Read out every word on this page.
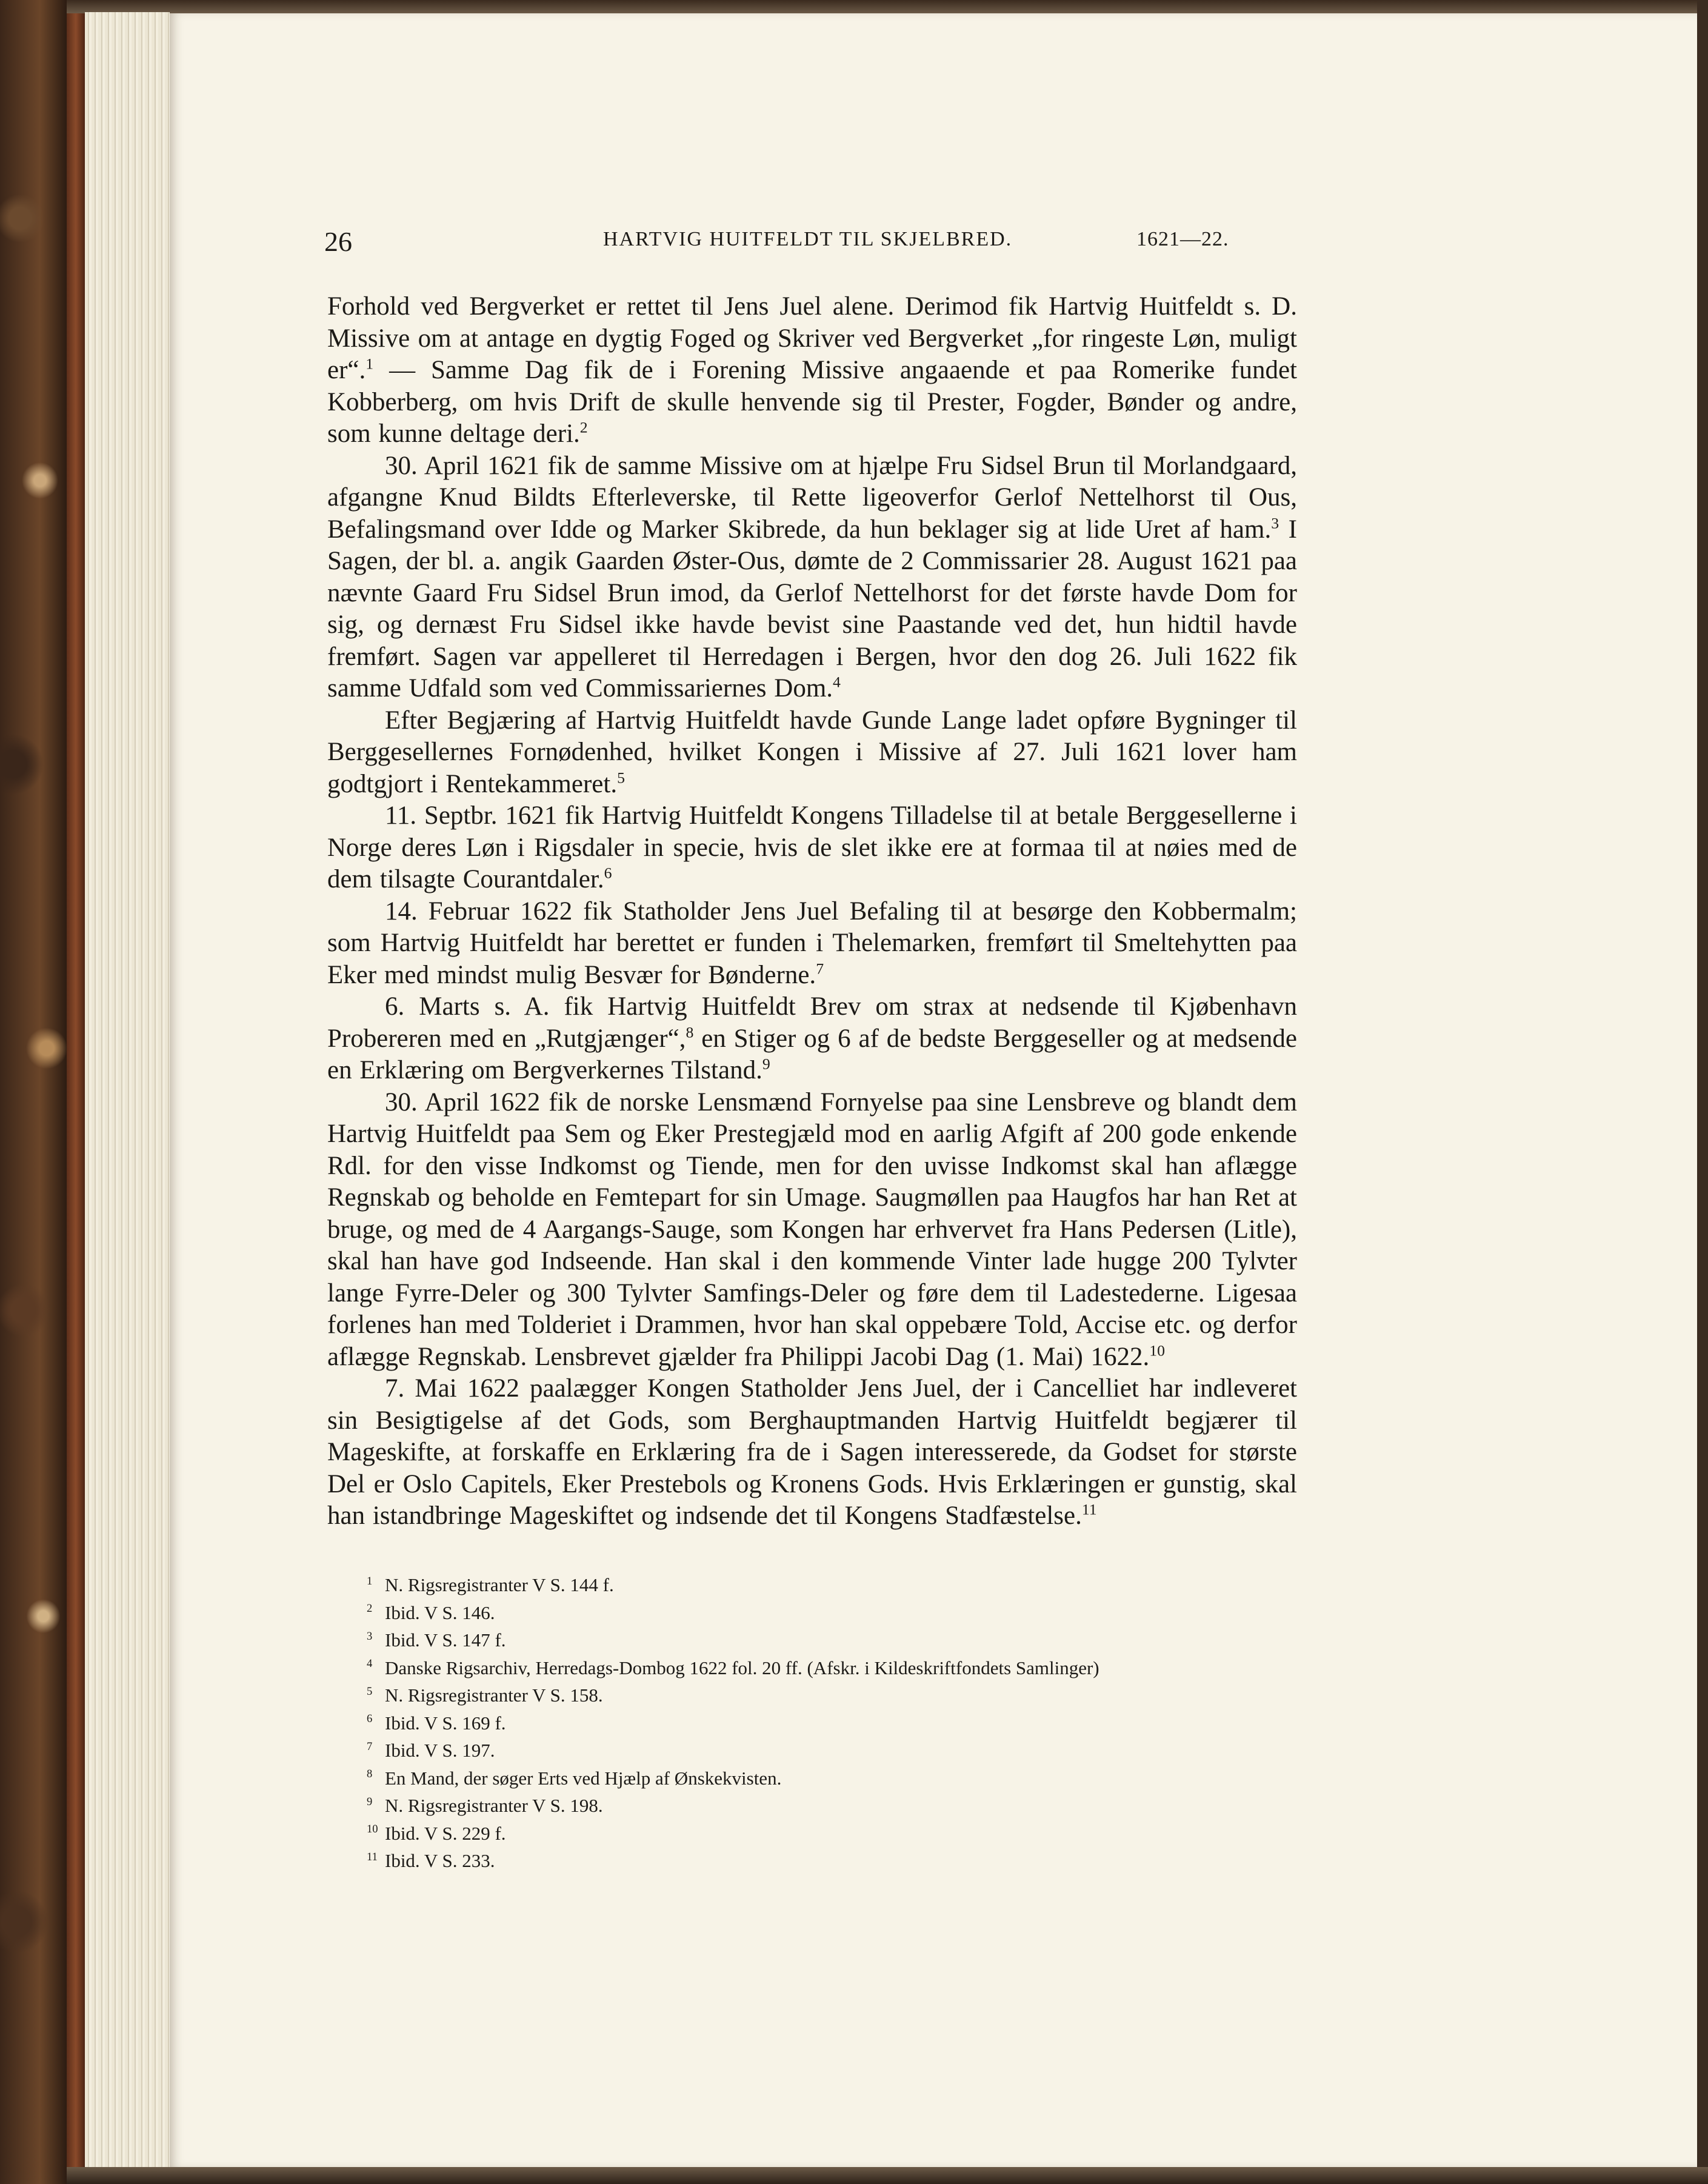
26	HARTVIG HUITFELDT TIL SKJELBRED.	1621—22.

Forhold ved Bergverket er rettet til Jens Juel alene. Derimod fik Hartvig Huitfeldt s. D. Missive om at antage en dygtig Foged og Skriver ved Bergverket „for ringeste Løn, muligt er“.$^1$ — Samme Dag fik de i Forening Missive angaaende et paa Romerike fundet Kobberberg, om hvis Drift de skulle henvende sig til Prester, Fogder, Bønder og andre, som kunne deltage deri.$^2$

30. April 1621 fik de samme Missive om at hjælpe Fru Sidsel Brun til Morlandgaard, afgangne Knud Bildts Efterleverske, til Rette ligeoverfor Gerlof Nettelhorst til Ous, Befalingsmand over Idde og Marker Skibrede, da hun beklager sig at lide Uret af ham.$^3$ I Sagen, der bl. a. angik Gaarden Øster-Ous, dømte de 2 Commissarier 28. August 1621 paa nævnte Gaard Fru Sidsel Brun imod, da Gerlof Nettelhorst for det første havde Dom for sig, og dernæst Fru Sidsel ikke havde bevist sine Paastande ved det, hun hidtil havde fremført. Sagen var appelleret til Herredagen i Bergen, hvor den dog 26. Juli 1622 fik samme Udfald som ved Commissariernes Dom.$^4$

Efter Begjæring af Hartvig Huitfeldt havde Gunde Lange ladet opføre Bygninger til Berggesellernes Fornødenhed, hvilket Kongen i Missive af 27. Juli 1621 lover ham godtgjort i Rentekammeret.$^5$

11. Septbr. 1621 fik Hartvig Huitfeldt Kongens Tilladelse til at betale Berggesellerne i Norge deres Løn i Rigsdaler in specie, hvis de slet ikke ere at formaa til at nøies med de dem tilsagte Courantdaler.$^6$

14. Februar 1622 fik Statholder Jens Juel Befaling til at besørge den Kobbermalm; som Hartvig Huitfeldt har berettet er funden i Thelemarken, fremført til Smeltehytten paa Eker med mindst mulig Besvær for Bønderne.$^7$

6. Marts s. A. fik Hartvig Huitfeldt Brev om strax at nedsende til Kjøbenhavn Probereren med en „Rutgjænger“,$^8$ en Stiger og 6 af de bedste Berggeseller og at medsende en Erklæring om Bergverkernes Tilstand.$^9$

30. April 1622 fik de norske Lensmænd Fornyelse paa sine Lensbreve og blandt dem Hartvig Huitfeldt paa Sem og Eker Prestegjæld mod en aarlig Afgift af 200 gode enkende Rdl. for den visse Indkomst og Tiende, men for den uvisse Indkomst skal han aflægge Regnskab og beholde en Femtepart for sin Umage. Saugmøllen paa Haugfos har han Ret at bruge, og med de 4 Aargangs-Sauge, som Kongen har erhvervet fra Hans Pedersen (Litle), skal han have god Indseende. Han skal i den kommende Vinter lade hugge 200 Tylvter lange Fyrre-Deler og 300 Tylvter Samfings-Deler og føre dem til Ladestederne. Ligesaa forlenes han med Tolderiet i Drammen, hvor han skal oppebære Told, Accise etc. og derfor aflægge Regnskab. Lensbrevet gjælder fra Philippi Jacobi Dag (1. Mai) 1622.10

7. Mai 1622 paalægger Kongen Statholder Jens Juel, der i Cancelliet har indleveret sin Besigtigelse af det Gods, som Berghauptmanden Hartvig Huitfeldt begjærer til Mageskifte, at forskaffe en Erklæring fra de i Sagen interesserede, da Godset for største Del er Oslo Capitels, Eker Prestebols og Kronens Gods. Hvis Erklæringen er gunstig, skal han istandbringe Mageskiftet og indsende det til Kongens Stadfæstelse.$^{11}$

1 N. Rigsregistranter V S. 144 f.
2 Ibid. V S. 146.
3 Ibid. V S. 147 f.
4 Danske Rigsarchiv, Herredags-Dombog 1622 fol. 20 ff. (Afskr. i Kildeskriftfondets Samlinger)
5 N. Rigsregistranter V S. 158.
6 Ibid. V S. 169 f.
7 Ibid. V S. 197.
8 En Mand, der søger Erts ved Hjælp af Ønskekvisten.
9 N. Rigsregistranter V S. 198.
10 Ibid. V S. 229 f.
11 Ibid. V S. 233.
